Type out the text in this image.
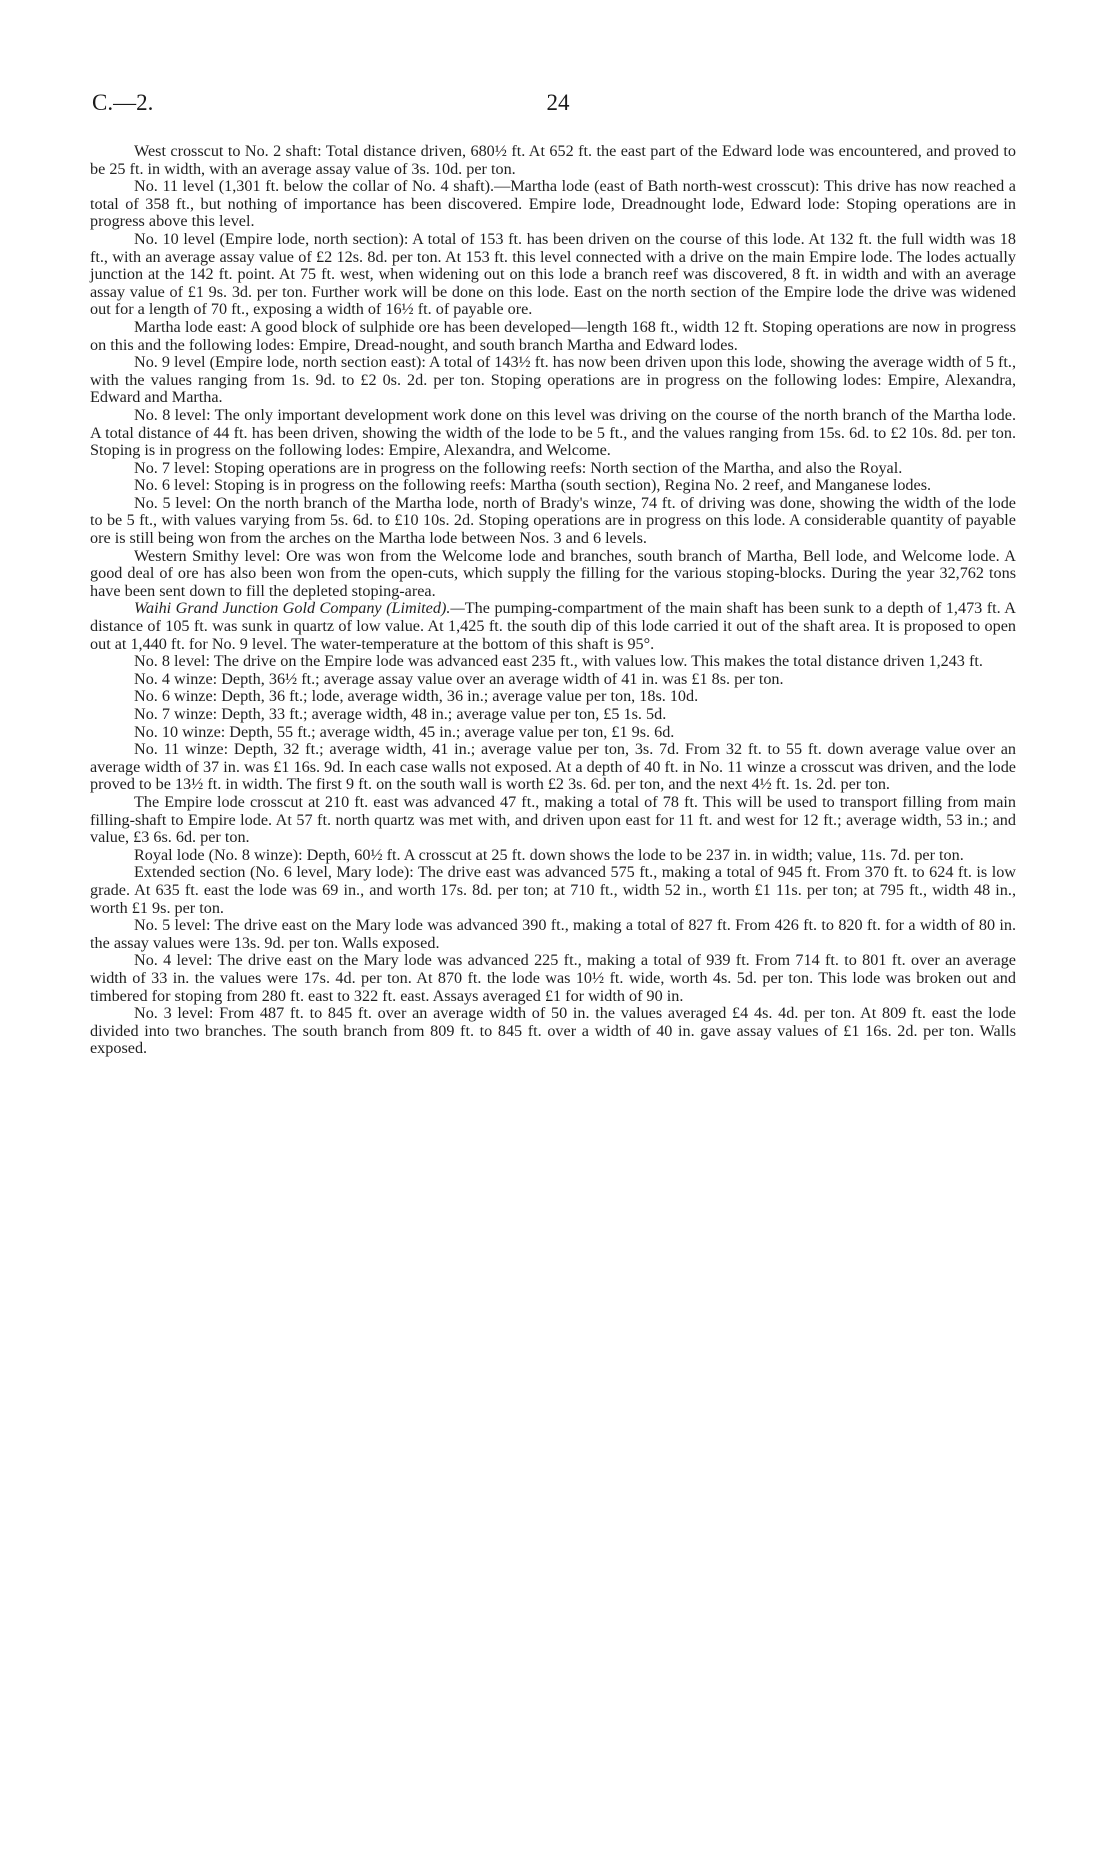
C.—2.	24

West crosscut to No. 2 shaft: Total distance driven, 680½ ft. At 652 ft. the east part of the Edward lode was encountered, and proved to be 25 ft. in width, with an average assay value of 3s. 10d. per ton.

No. 11 level (1,301 ft. below the collar of No. 4 shaft).—Martha lode (east of Bath north-west crosscut): This drive has now reached a total of 358 ft., but nothing of importance has been discovered. Empire lode, Dreadnought lode, Edward lode: Stoping operations are in progress above this level.

No. 10 level (Empire lode, north section): A total of 153 ft. has been driven on the course of this lode. At 132 ft. the full width was 18 ft., with an average assay value of £2 12s. 8d. per ton. At 153 ft. this level connected with a drive on the main Empire lode. The lodes actually junction at the 142 ft. point. At 75 ft. west, when widening out on this lode a branch reef was discovered, 8 ft. in width and with an average assay value of £1 9s. 3d. per ton. Further work will be done on this lode. East on the north section of the Empire lode the drive was widened out for a length of 70 ft., exposing a width of 16½ ft. of payable ore.

Martha lode east: A good block of sulphide ore has been developed—length 168 ft., width 12 ft. Stoping operations are now in progress on this and the following lodes: Empire, Dread-nought, and south branch Martha and Edward lodes.

No. 9 level (Empire lode, north section east): A total of 143½ ft. has now been driven upon this lode, showing the average width of 5 ft., with the values ranging from 1s. 9d. to £2 0s. 2d. per ton. Stoping operations are in progress on the following lodes: Empire, Alexandra, Edward and Martha.

No. 8 level: The only important development work done on this level was driving on the course of the north branch of the Martha lode. A total distance of 44 ft. has been driven, showing the width of the lode to be 5 ft., and the values ranging from 15s. 6d. to £2 10s. 8d. per ton. Stoping is in progress on the following lodes: Empire, Alexandra, and Welcome.

No. 7 level: Stoping operations are in progress on the following reefs: North section of the Martha, and also the Royal.

No. 6 level: Stoping is in progress on the following reefs: Martha (south section), Regina No. 2 reef, and Manganese lodes.

No. 5 level: On the north branch of the Martha lode, north of Brady's winze, 74 ft. of driving was done, showing the width of the lode to be 5 ft., with values varying from 5s. 6d. to £10 10s. 2d. Stoping operations are in progress on this lode. A considerable quantity of payable ore is still being won from the arches on the Martha lode between Nos. 3 and 6 levels.

Western Smithy level: Ore was won from the Welcome lode and branches, south branch of Martha, Bell lode, and Welcome lode. A good deal of ore has also been won from the open-cuts, which supply the filling for the various stoping-blocks. During the year 32,762 tons have been sent down to fill the depleted stoping-area.

Waihi Grand Junction Gold Company (Limited).—The pumping-compartment of the main shaft has been sunk to a depth of 1,473 ft. A distance of 105 ft. was sunk in quartz of low value. At 1,425 ft. the south dip of this lode carried it out of the shaft area. It is proposed to open out at 1,440 ft. for No. 9 level. The water-temperature at the bottom of this shaft is 95°.

No. 8 level: The drive on the Empire lode was advanced east 235 ft., with values low. This makes the total distance driven 1,243 ft.

No. 4 winze: Depth, 36½ ft.; average assay value over an average width of 41 in. was £1 8s. per ton.

No. 6 winze: Depth, 36 ft.; lode, average width, 36 in.; average value per ton, 18s. 10d.

No. 7 winze: Depth, 33 ft.; average width, 48 in.; average value per ton, £5 1s. 5d.

No. 10 winze: Depth, 55 ft.; average width, 45 in.; average value per ton, £1 9s. 6d.

No. 11 winze: Depth, 32 ft.; average width, 41 in.; average value per ton, 3s. 7d. From 32 ft. to 55 ft. down average value over an average width of 37 in. was £1 16s. 9d. In each case walls not exposed. At a depth of 40 ft. in No. 11 winze a crosscut was driven, and the lode proved to be 13½ ft. in width. The first 9 ft. on the south wall is worth £2 3s. 6d. per ton, and the next 4½ ft. 1s. 2d. per ton.

The Empire lode crosscut at 210 ft. east was advanced 47 ft., making a total of 78 ft. This will be used to transport filling from main filling-shaft to Empire lode. At 57 ft. north quartz was met with, and driven upon east for 11 ft. and west for 12 ft.; average width, 53 in.; and value, £3 6s. 6d. per ton.

Royal lode (No. 8 winze): Depth, 60½ ft. A crosscut at 25 ft. down shows the lode to be 237 in. in width; value, 11s. 7d. per ton.

Extended section (No. 6 level, Mary lode): The drive east was advanced 575 ft., making a total of 945 ft. From 370 ft. to 624 ft. is low grade. At 635 ft. east the lode was 69 in., and worth 17s. 8d. per ton; at 710 ft., width 52 in., worth £1 11s. per ton; at 795 ft., width 48 in., worth £1 9s. per ton.

No. 5 level: The drive east on the Mary lode was advanced 390 ft., making a total of 827 ft. From 426 ft. to 820 ft. for a width of 80 in. the assay values were 13s. 9d. per ton. Walls exposed.

No. 4 level: The drive east on the Mary lode was advanced 225 ft., making a total of 939 ft. From 714 ft. to 801 ft. over an average width of 33 in. the values were 17s. 4d. per ton. At 870 ft. the lode was 10½ ft. wide, worth 4s. 5d. per ton. This lode was broken out and timbered for stoping from 280 ft. east to 322 ft. east. Assays averaged £1 for width of 90 in.

No. 3 level: From 487 ft. to 845 ft. over an average width of 50 in. the values averaged £4 4s. 4d. per ton. At 809 ft. east the lode divided into two branches. The south branch from 809 ft. to 845 ft. over a width of 40 in. gave assay values of £1 16s. 2d. per ton. Walls exposed.
